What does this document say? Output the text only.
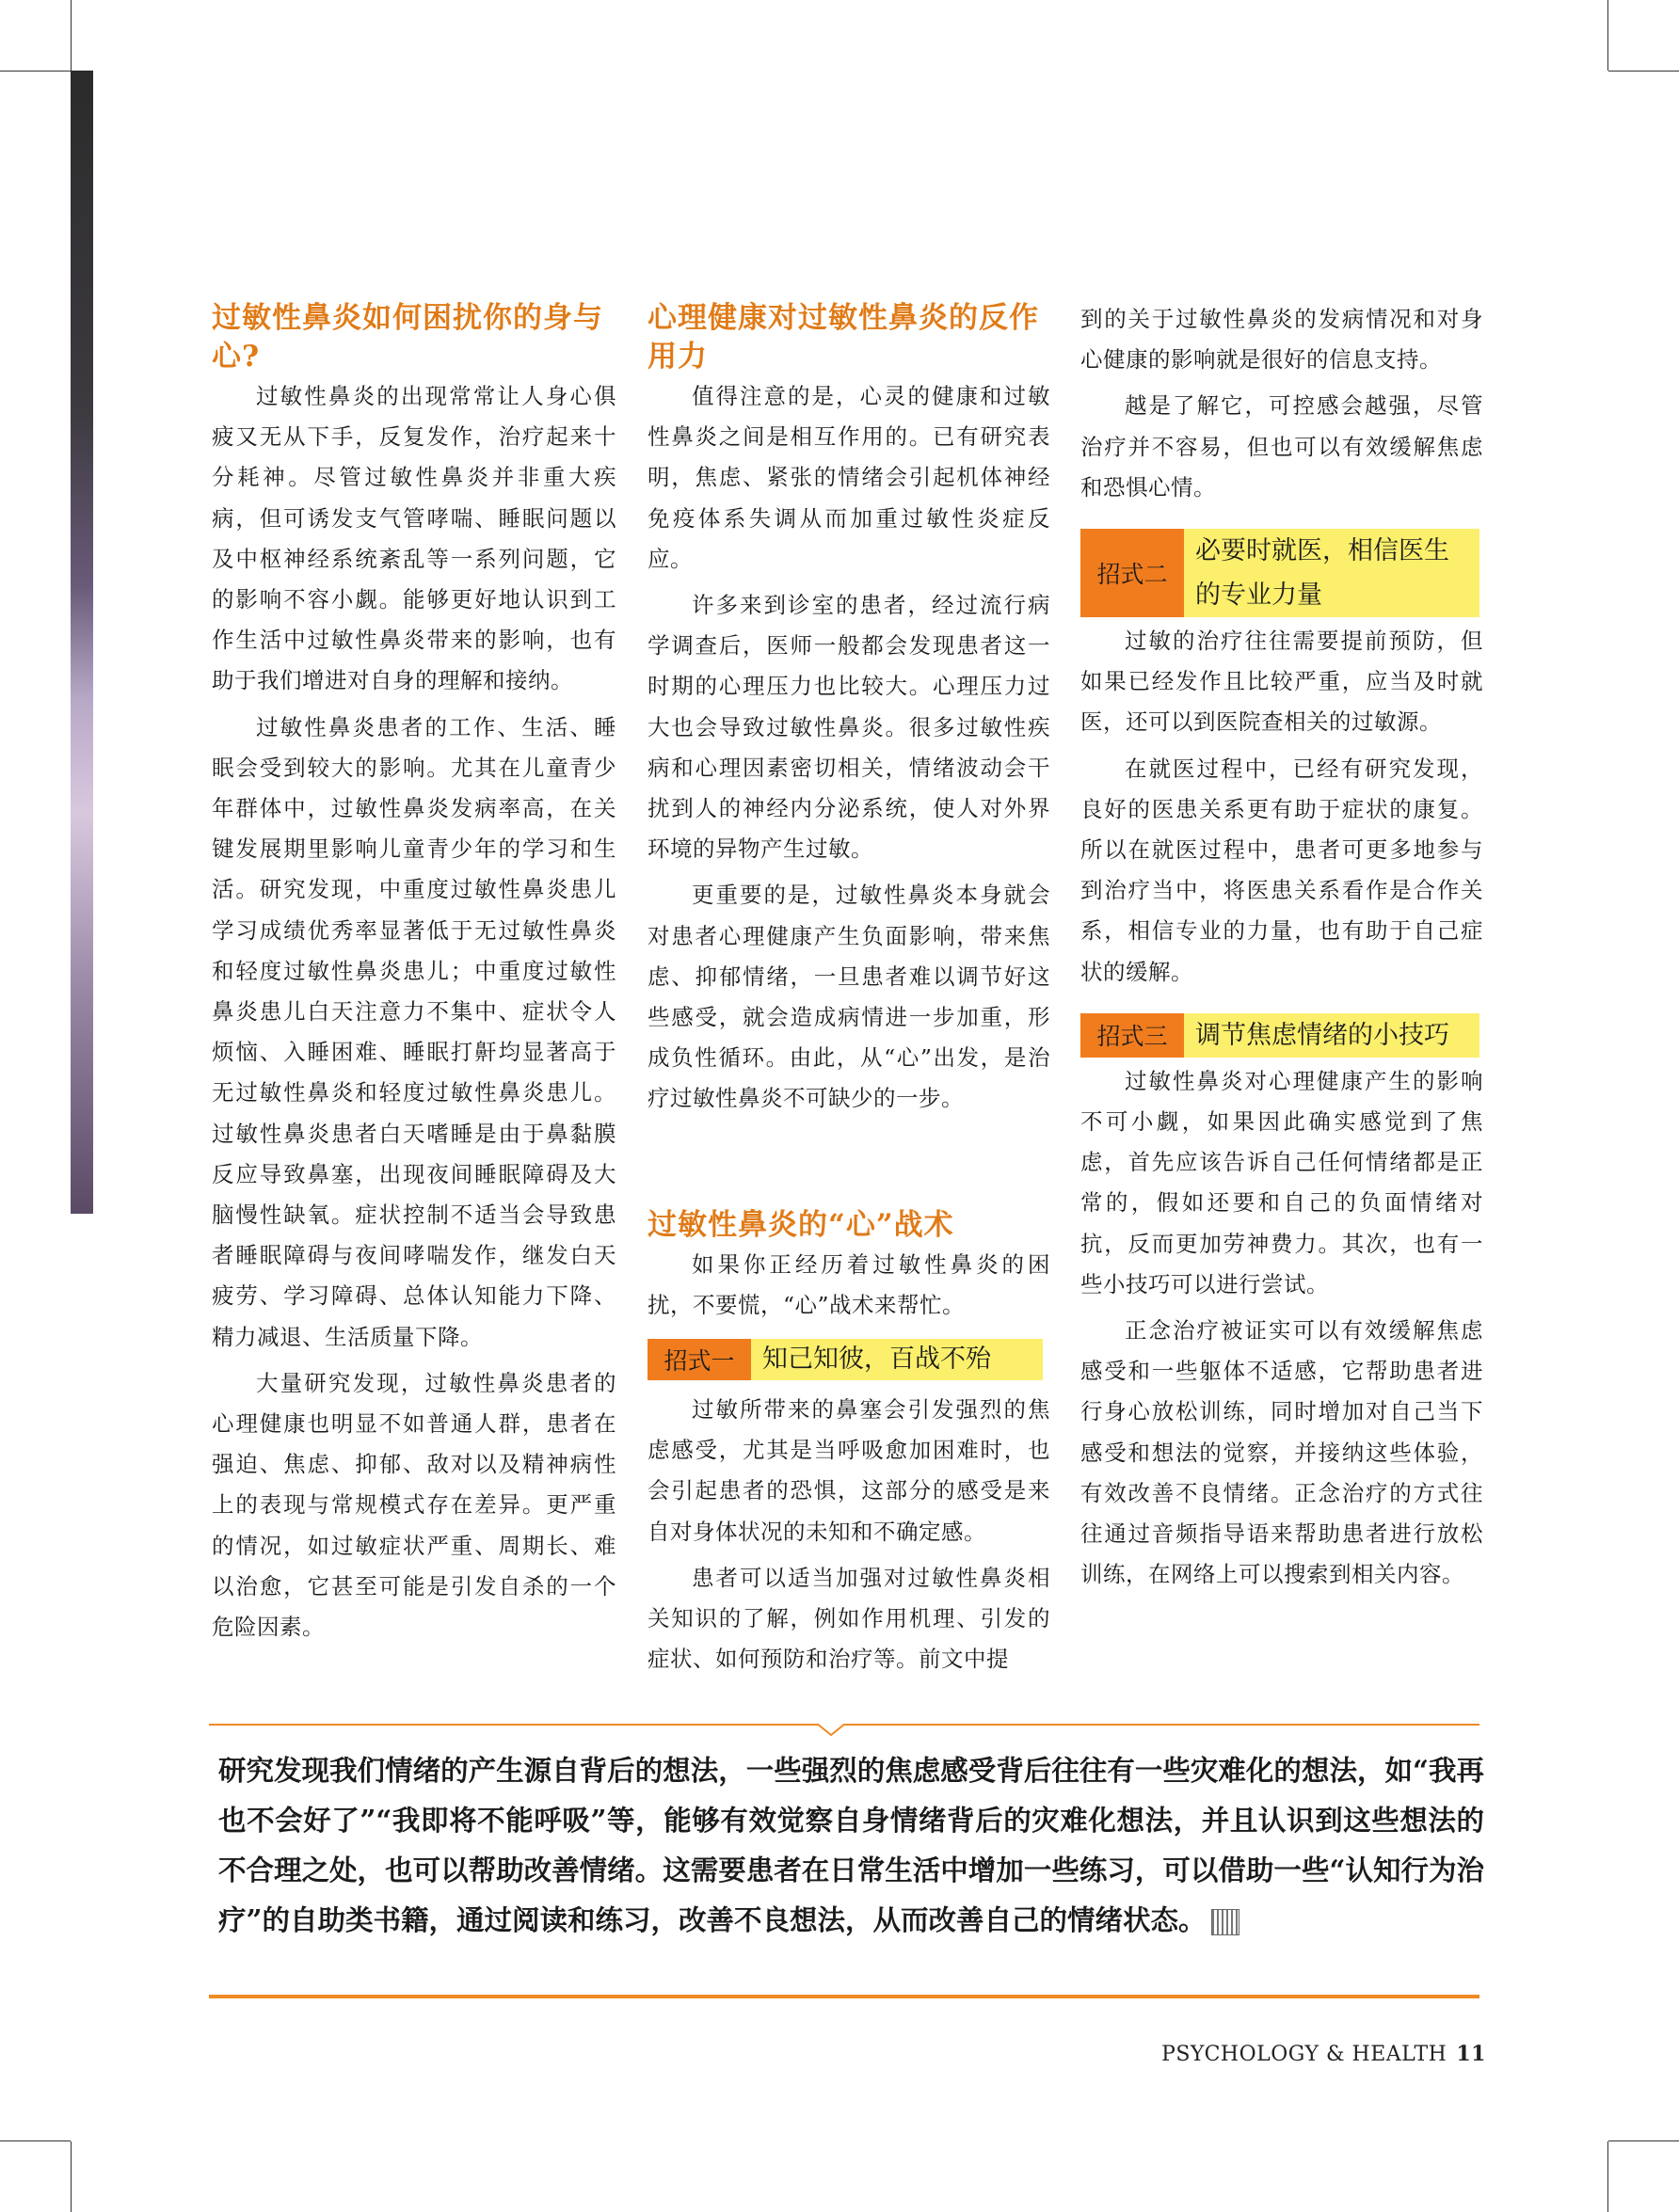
过敏性鼻炎如何困扰你的身与心?

过敏性鼻炎的出现常常让人身心俱疲又无从下手，反复发作，治疗起来十分耗神。尽管过敏性鼻炎并非重大疾病，但可诱发支气管哮喘、睡眠问题以及中枢神经系统紊乱等一系列问题，它的影响不容小觑。能够更好地认识到工作生活中过敏性鼻炎带来的影响，也有助于我们增进对自身的理解和接纳。

过敏性鼻炎患者的工作、生活、睡眠会受到较大的影响。尤其在儿童青少年群体中，过敏性鼻炎发病率高，在关键发展期里影响儿童青少年的学习和生活。研究发现，中重度过敏性鼻炎患儿学习成绩优秀率显著低于无过敏性鼻炎和轻度过敏性鼻炎患儿；中重度过敏性鼻炎患儿白天注意力不集中、症状令人烦恼、入睡困难、睡眠打鼾均显著高于无过敏性鼻炎和轻度过敏性鼻炎患儿。过敏性鼻炎患者白天嗜睡是由于鼻黏膜反应导致鼻塞，出现夜间睡眠障碍及大脑慢性缺氧。症状控制不适当会导致患者睡眠障碍与夜间哮喘发作，继发白天疲劳、学习障碍、总体认知能力下降、精力减退、生活质量下降。

大量研究发现，过敏性鼻炎患者的心理健康也明显不如普通人群，患者在强迫、焦虑、抑郁、敌对以及精神病性上的表现与常规模式存在差异。更严重的情况，如过敏症状严重、周期长、难以治愈，它甚至可能是引发自杀的一个危险因素。

心理健康对过敏性鼻炎的反作用力

值得注意的是，心灵的健康和过敏性鼻炎之间是相互作用的。已有研究表明，焦虑、紧张的情绪会引起机体神经免疫体系失调从而加重过敏性炎症反应。

许多来到诊室的患者，经过流行病学调查后，医师一般都会发现患者这一时期的心理压力也比较大。心理压力过大也会导致过敏性鼻炎。很多过敏性疾病和心理因素密切相关，情绪波动会干扰到人的神经内分泌系统，使人对外界环境的异物产生过敏。

更重要的是，过敏性鼻炎本身就会对患者心理健康产生负面影响，带来焦虑、抑郁情绪，一旦患者难以调节好这些感受，就会造成病情进一步加重，形成负性循环。由此，从“心”出发，是治疗过敏性鼻炎不可缺少的一步。

过敏性鼻炎的“心”战术

如果你正经历着过敏性鼻炎的困扰，不要慌，“心”战术来帮忙。

招式一	知己知彼，百战不殆

过敏所带来的鼻塞会引发强烈的焦虑感受，尤其是当呼吸愈加困难时，也会引起患者的恐惧，这部分的感受是来自对身体状况的未知和不确定感。

患者可以适当加强对过敏性鼻炎相关知识的了解，例如作用机理、引发的症状、如何预防和治疗等。前文中提

到的关于过敏性鼻炎的发病情况和对身心健康的影响就是很好的信息支持。

越是了解它，可控感会越强，尽管治疗并不容易，但也可以有效缓解焦虑和恐惧心情。

招式二
必要时就医，相信医生的专业力量

过敏的治疗往往需要提前预防，但如果已经发作且比较严重，应当及时就医，还可以到医院查相关的过敏源。

在就医过程中，已经有研究发现，良好的医患关系更有助于症状的康复。所以在就医过程中，患者可更多地参与到治疗当中，将医患关系看作是合作关系，相信专业的力量，也有助于自己症状的缓解。

招式三	调节焦虑情绪的小技巧

过敏性鼻炎对心理健康产生的影响不可小觑，如果因此确实感觉到了焦虑，首先应该告诉自己任何情绪都是正常的，假如还要和自己的负面情绪对抗，反而更加劳神费力。其次，也有一些小技巧可以进行尝试。

正念治疗被证实可以有效缓解焦虑感受和一些躯体不适感，它帮助患者进行身心放松训练，同时增加对自己当下感受和想法的觉察，并接纳这些体验，有效改善不良情绪。正念治疗的方式往往通过音频指导语来帮助患者进行放松训练，在网络上可以搜索到相关内容。

研究发现我们情绪的产生源自背后的想法，一些强烈的焦虑感受背后往往有一些灾难化的想法，如“我再也不会好了”“我即将不能呼吸”等，能够有效觉察自身情绪背后的灾难化想法，并且认识到这些想法的不合理之处，也可以帮助改善情绪。这需要患者在日常生活中增加一些练习，可以借助一些“认知行为治疗”的自助类书籍，通过阅读和练习，改善不良想法，从而改善自己的情绪状态。
PSYCHOLOGY & HEALTH 11
